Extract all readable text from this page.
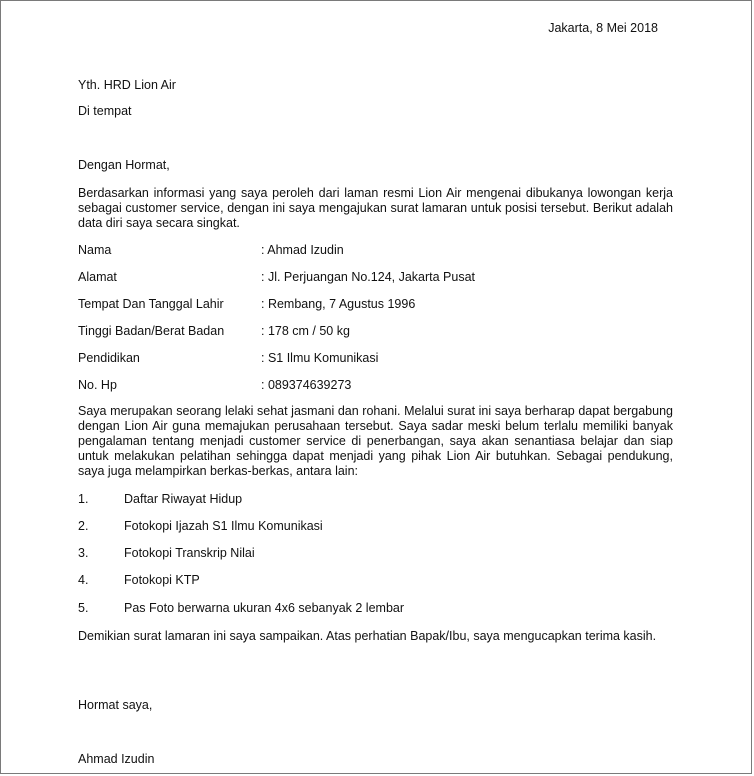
Jakarta, 8 Mei 2018
Yth. HRD Lion Air
Di tempat
Dengan Hormat,
Berdasarkan informasi yang saya peroleh dari laman resmi Lion Air mengenai dibukanya lowongan kerja sebagai customer service, dengan ini saya mengajukan surat lamaran untuk posisi tersebut. Berikut adalah data diri saya secara singkat.
Nama	: Ahmad Izudin
Alamat	: Jl. Perjuangan No.124, Jakarta Pusat
Tempat Dan Tanggal Lahir	: Rembang, 7 Agustus 1996
Tinggi Badan/Berat Badan	: 178 cm / 50 kg
Pendidikan	: S1 Ilmu Komunikasi
No. Hp	: 089374639273
Saya merupakan seorang lelaki sehat jasmani dan rohani. Melalui surat ini saya berharap dapat bergabung dengan Lion Air guna memajukan perusahaan tersebut. Saya sadar meski belum terlalu memiliki banyak pengalaman tentang menjadi customer service di penerbangan, saya akan senantiasa belajar dan siap untuk melakukan pelatihan sehingga dapat menjadi yang pihak Lion Air butuhkan. Sebagai pendukung, saya juga melampirkan berkas-berkas, antara lain:
1.	Daftar Riwayat Hidup
2.	Fotokopi Ijazah S1 Ilmu Komunikasi
3.	Fotokopi Transkrip Nilai
4.	Fotokopi KTP
5.	Pas Foto berwarna ukuran 4x6 sebanyak 2 lembar
Demikian surat lamaran ini saya sampaikan. Atas perhatian Bapak/Ibu, saya mengucapkan terima kasih.
Hormat saya,
Ahmad Izudin
